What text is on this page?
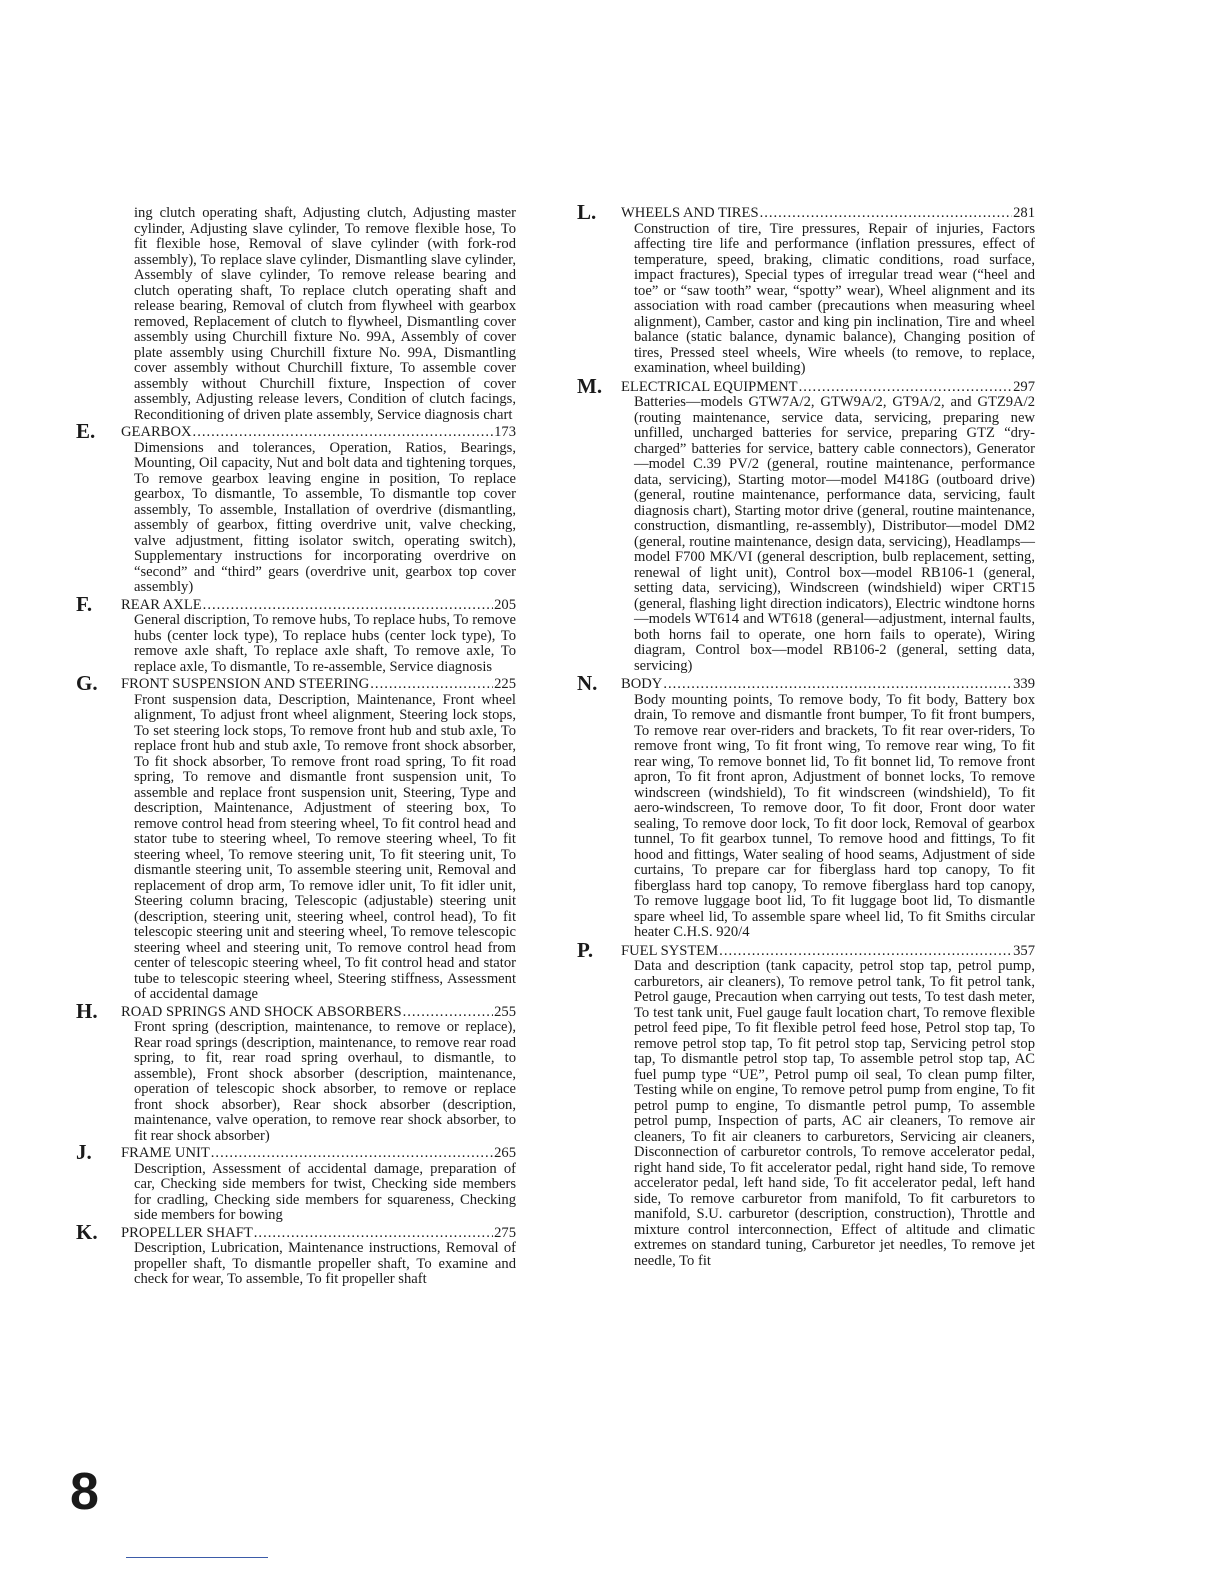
ing clutch operating shaft, Adjusting clutch, Adjusting master cylinder, Adjusting slave cylinder, To remove flexible hose, To fit flexible hose, Removal of slave cylinder (with fork-rod assembly), To replace slave cylinder, Dismantling slave cylinder, Assembly of slave cylinder, To remove release bearing and clutch operating shaft, To replace clutch operating shaft and release bearing, Removal of clutch from flywheel with gearbox removed, Replacement of clutch to flywheel, Dismantling cover assembly using Churchill fixture No. 99A, Assembly of cover plate assembly using Churchill fixture No. 99A, Dismantling cover assembly without Churchill fixture, To assemble cover assembly without Churchill fixture, Inspection of cover assembly, Adjusting release levers, Condition of clutch facings, Reconditioning of driven plate assembly, Service diagnosis chart
E. GEARBOX .....	173
Dimensions and tolerances, Operation, Ratios, Bearings, Mounting, Oil capacity, Nut and bolt data and tightening torques, To remove gearbox leaving engine in position, To replace gearbox, To dismantle, To assemble, To dismantle top cover assembly, To assemble, Installation of overdrive (dismantling, assembly of gearbox, fitting overdrive unit, valve checking, valve adjustment, fitting isolator switch, operating switch), Supplementary instructions for incorporating overdrive on “second” and “third” gears (overdrive unit, gearbox top cover assembly)
F. REAR AXLE .....	205
General discription, To remove hubs, To replace hubs, To remove hubs (center lock type), To replace hubs (center lock type), To remove axle shaft, To replace axle shaft, To remove axle, To replace axle, To dismantle, To re-assemble, Service diagnosis
G. FRONT SUSPENSION AND STEERING .....	225
Front suspension data, Description, Maintenance, Front wheel alignment, To adjust front wheel alignment, Steering lock stops, To set steering lock stops, To remove front hub and stub axle, To replace front hub and stub axle, To remove front shock absorber, To fit shock absorber, To remove front road spring, To fit road spring, To remove and dismantle front suspension unit, To assemble and replace front suspension unit, Steering, Type and description, Maintenance, Adjustment of steering box, To remove control head from steering wheel, To fit control head and stator tube to steering wheel, To remove steering wheel, To fit steering wheel, To remove steering unit, To fit steering unit, To dismantle steering unit, To assemble steering unit, Removal and replacement of drop arm, To remove idler unit, To fit idler unit, Steering column bracing, Telescopic (adjustable) steering unit (description, steering unit, steering wheel, control head), To fit telescopic steering unit and steering wheel, To remove telescopic steering wheel and steering unit, To remove control head from center of telescopic steering wheel, To fit control head and stator tube to telescopic steering wheel, Steering stiffness, Assessment of accidental damage
H. ROAD SPRINGS AND SHOCK ABSORBERS .....	255
Front spring (description, maintenance, to remove or replace), Rear road springs (description, maintenance, to remove rear road spring, to fit, rear road spring overhaul, to dismantle, to assemble), Front shock absorber (description, maintenance, operation of telescopic shock absorber, to remove or replace front shock absorber), Rear shock absorber (description, maintenance, valve operation, to remove rear shock absorber, to fit rear shock absorber)
J. FRAME UNIT .....	265
Description, Assessment of accidental damage, preparation of car, Checking side members for twist, Checking side members for cradling, Checking side members for squareness, Checking side members for bowing
K. PROPELLER SHAFT .....	275
Description, Lubrication, Maintenance instructions, Removal of propeller shaft, To dismantle propeller shaft, To examine and check for wear, To assemble, To fit propeller shaft
L. WHEELS AND TIRES .....	281
Construction of tire, Tire pressures, Repair of injuries, Factors affecting tire life and performance (inflation pressures, effect of temperature, speed, braking, climatic conditions, road surface, impact fractures), Special types of irregular tread wear (“heel and toe” or “saw tooth” wear, “spotty” wear), Wheel alignment and its association with road camber (precautions when measuring wheel alignment), Camber, castor and king pin inclination, Tire and wheel balance (static balance, dynamic balance), Changing position of tires, Pressed steel wheels, Wire wheels (to remove, to replace, examination, wheel building)
M. ELECTRICAL EQUIPMENT .....	297
Batteries—models GTW7A/2, GTW9A/2, GT9A/2, and GTZ9A/2 (routing maintenance, service data, servicing, preparing new unfilled, uncharged batteries for service, preparing GTZ “dry-charged” batteries for service, battery cable connectors), Generator—model C.39 PV/2 (general, routine maintenance, performance data, servicing), Starting motor—model M418G (outboard drive) (general, routine maintenance, performance data, servicing, fault diagnosis chart), Starting motor drive (general, routine maintenance, construction, dismantling, re-assembly), Distributor—model DM2 (general, routine maintenance, design data, servicing), Headlamps—model F700 MK/VI (general description, bulb replacement, setting, renewal of light unit), Control box—model RB106-1 (general, setting data, servicing), Windscreen (windshield) wiper CRT15 (general, flashing light direction indicators), Electric windtone horns—models WT614 and WT618 (general—adjustment, internal faults, both horns fail to operate, one horn fails to operate), Wiring diagram, Control box—model RB106-2 (general, setting data, servicing)
N. BODY .....	339
Body mounting points, To remove body, To fit body, Battery box drain, To remove and dismantle front bumper, To fit front bumpers, To remove rear over-riders and brackets, To fit rear over-riders, To remove front wing, To fit front wing, To remove rear wing, To fit rear wing, To remove bonnet lid, To fit bonnet lid, To remove front apron, To fit front apron, Adjustment of bonnet locks, To remove windscreen (windshield), To fit windscreen (windshield), To fit aero-windscreen, To remove door, To fit door, Front door water sealing, To remove door lock, To fit door lock, Removal of gearbox tunnel, To fit gearbox tunnel, To remove hood and fittings, To fit hood and fittings, Water sealing of hood seams, Adjustment of side curtains, To prepare car for fiberglass hard top canopy, To fit fiberglass hard top canopy, To remove fiberglass hard top canopy, To remove luggage boot lid, To fit luggage boot lid, To dismantle spare wheel lid, To assemble spare wheel lid, To fit Smiths circular heater C.H.S. 920/4
P. FUEL SYSTEM .....	357
Data and description (tank capacity, petrol stop tap, petrol pump, carburetors, air cleaners), To remove petrol tank, To fit petrol tank, Petrol gauge, Precaution when carrying out tests, To test dash meter, To test tank unit, Fuel gauge fault location chart, To remove flexible petrol feed pipe, To fit flexible petrol feed hose, Petrol stop tap, To remove petrol stop tap, To fit petrol stop tap, Servicing petrol stop tap, To dismantle petrol stop tap, To assemble petrol stop tap, AC fuel pump type “UE”, Petrol pump oil seal, To clean pump filter, Testing while on engine, To remove petrol pump from engine, To fit petrol pump to engine, To dismantle petrol pump, To assemble petrol pump, Inspection of parts, AC air cleaners, To remove air cleaners, To fit air cleaners to carburetors, Servicing air cleaners, Disconnection of carburetor controls, To remove accelerator pedal, right hand side, To fit accelerator pedal, right hand side, To remove accelerator pedal, left hand side, To fit accelerator pedal, left hand side, To remove carburetor from manifold, To fit carburetors to manifold, S.U. carburetor (description, construction), Throttle and mixture control interconnection, Effect of altitude and climatic extremes on standard tuning, Carburetor jet needles, To remove jet needle, To fit
8
